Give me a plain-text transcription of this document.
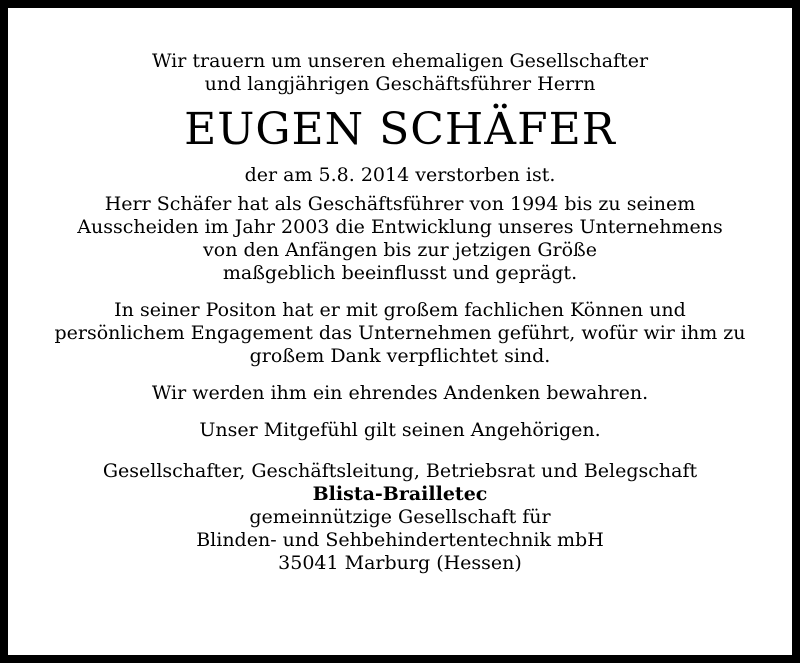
Wir trauern um unseren ehemaligen Gesellschafter
und langjährigen Geschäftsführer Herrn
EUGEN SCHÄFER
der am 5.8. 2014 verstorben ist.
Herr Schäfer hat als Geschäftsführer von 1994 bis zu seinem
Ausscheiden im Jahr 2003 die Entwicklung unseres Unternehmens
von den Anfängen bis zur jetzigen Größe
maßgeblich beeinflusst und geprägt.
In seiner Positon hat er mit großem fachlichen Können und
persönlichem Engagement das Unternehmen geführt, wofür wir ihm zu
großem Dank verpflichtet sind.
Wir werden ihm ein ehrendes Andenken bewahren.
Unser Mitgefühl gilt seinen Angehörigen.
Gesellschafter, Geschäftsleitung, Betriebsrat und Belegschaft
Blista-Brailletec
gemeinnützige Gesellschaft für
Blinden- und Sehbehindertentechnik mbH
35041 Marburg (Hessen)
